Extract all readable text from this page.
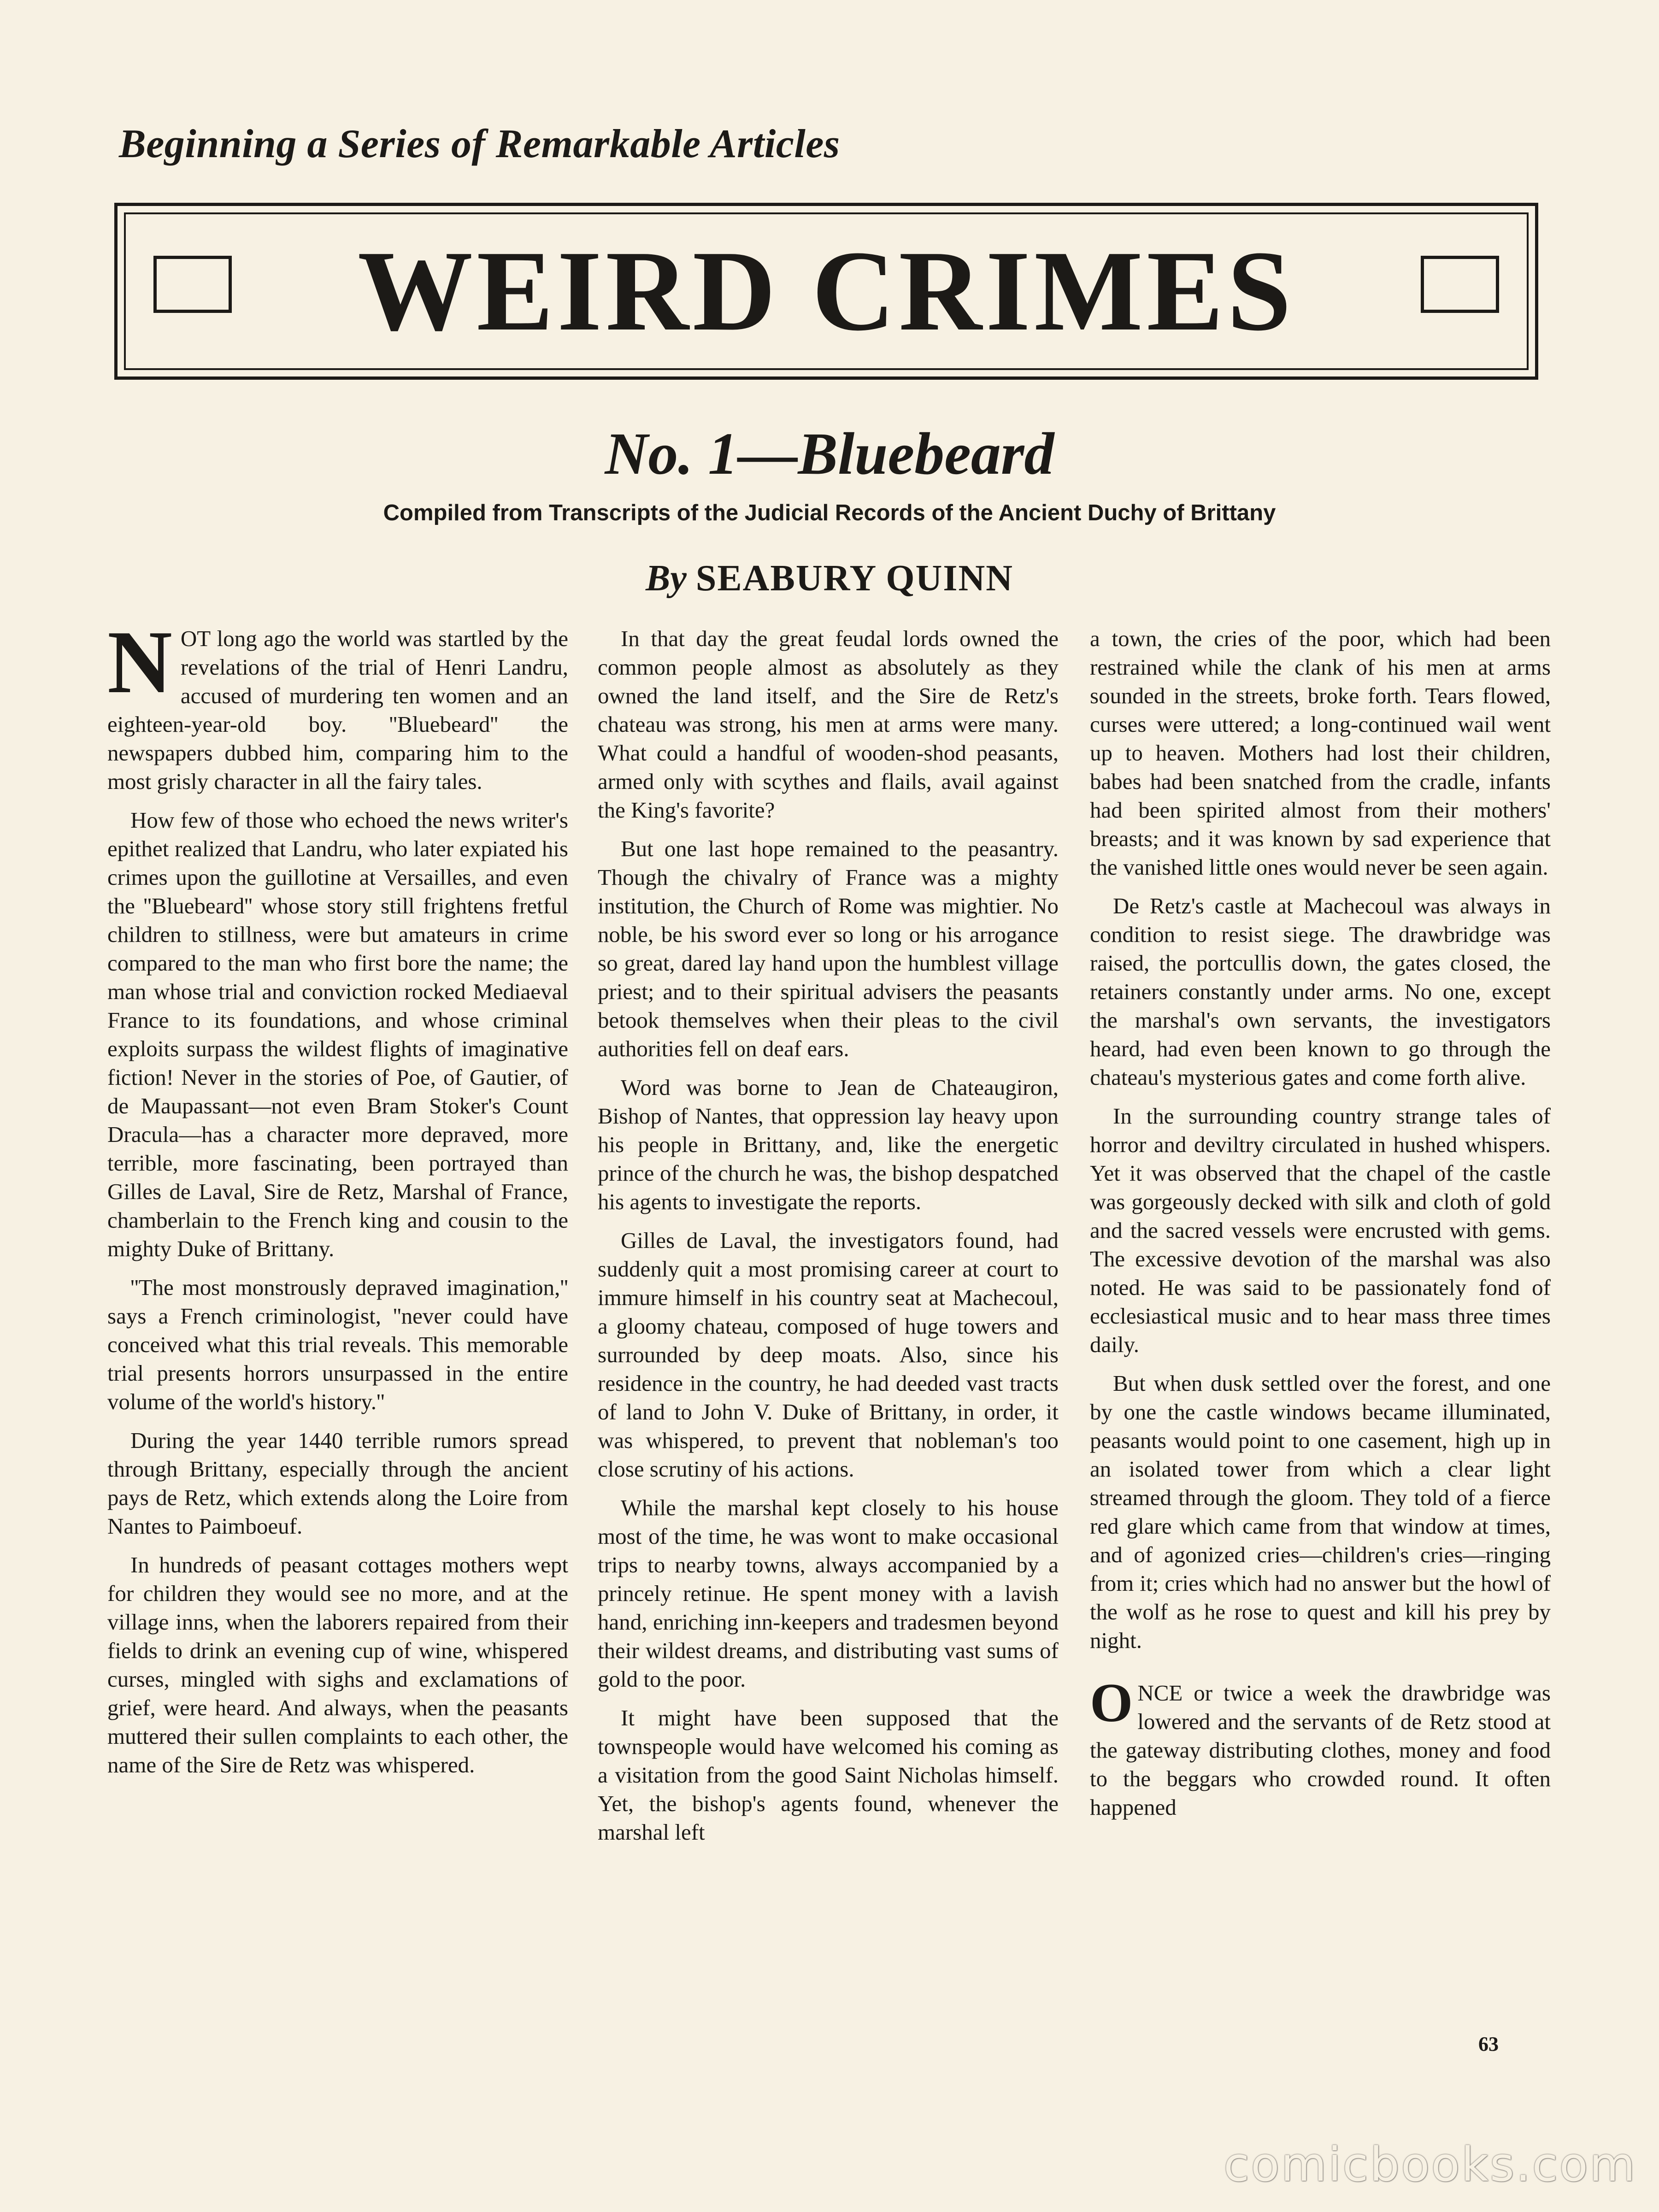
Beginning a Series of Remarkable Articles
WEIRD CRIMES
No. 1—Bluebeard
Compiled from Transcripts of the Judicial Records of the Ancient Duchy of Brittany
By SEABURY QUINN

NOT long ago the world was startled by the revelations of the trial of Henri Landru, accused of murdering ten women and an eighteen-year-old boy. ''Bluebeard'' the newspapers dubbed him, comparing him to the most grisly character in all the fairy tales.

How few of those who echoed the news writer's epithet realized that Landru, who later expiated his crimes upon the guillotine at Versailles, and even the ''Bluebeard'' whose story still frightens fretful children to stillness, were but amateurs in crime compared to the man who first bore the name; the man whose trial and conviction rocked Mediaeval France to its foundations, and whose criminal exploits surpass the wildest flights of imaginative fiction! Never in the stories of Poe, of Gautier, of de Maupassant—not even Bram Stoker's Count Dracula—has a character more depraved, more terrible, more fascinating, been portrayed than Gilles de Laval, Sire de Retz, Marshal of France, chamberlain to the French king and cousin to the mighty Duke of Brittany.

''The most monstrously depraved imagination,'' says a French criminologist, ''never could have conceived what this trial reveals. This memorable trial presents horrors unsurpassed in the entire volume of the world's history.''

During the year 1440 terrible rumors spread through Brittany, especially through the ancient pays de Retz, which extends along the Loire from Nantes to Paimboeuf.

In hundreds of peasant cottages mothers wept for children they would see no more, and at the village inns, when the laborers repaired from their fields to drink an evening cup of wine, whispered curses, mingled with sighs and exclamations of grief, were heard. And always, when the peasants muttered their sullen complaints to each other, the name of the Sire de Retz was whispered.

In that day the great feudal lords owned the common people almost as absolutely as they owned the land itself, and the Sire de Retz's chateau was strong, his men at arms were many. What could a handful of wooden-shod peasants, armed only with scythes and flails, avail against the King's favorite?

But one last hope remained to the peasantry. Though the chivalry of France was a mighty institution, the Church of Rome was mightier. No noble, be his sword ever so long or his arrogance so great, dared lay hand upon the humblest village priest; and to their spiritual advisers the peasants betook themselves when their pleas to the civil authorities fell on deaf ears.

Word was borne to Jean de Chateaugiron, Bishop of Nantes, that oppression lay heavy upon his people in Brittany, and, like the energetic prince of the church he was, the bishop despatched his agents to investigate the reports.

Gilles de Laval, the investigators found, had suddenly quit a most promising career at court to immure himself in his country seat at Machecoul, a gloomy chateau, composed of huge towers and surrounded by deep moats. Also, since his residence in the country, he had deeded vast tracts of land to John V. Duke of Brittany, in order, it was whispered, to prevent that nobleman's too close scrutiny of his actions.

While the marshal kept closely to his house most of the time, he was wont to make occasional trips to nearby towns, always accompanied by a princely retinue. He spent money with a lavish hand, enriching inn-keepers and tradesmen beyond their wildest dreams, and distributing vast sums of gold to the poor.

It might have been supposed that the townspeople would have welcomed his coming as a visitation from the good Saint Nicholas himself. Yet, the bishop's agents found, whenever the marshal left

a town, the cries of the poor, which had been restrained while the clank of his men at arms sounded in the streets, broke forth. Tears flowed, curses were uttered; a long-continued wail went up to heaven. Mothers had lost their children, babes had been snatched from the cradle, infants had been spirited almost from their mothers' breasts; and it was known by sad experience that the vanished little ones would never be seen again.

De Retz's castle at Machecoul was always in condition to resist siege. The drawbridge was raised, the portcullis down, the gates closed, the retainers constantly under arms. No one, except the marshal's own servants, the investigators heard, had even been known to go through the chateau's mysterious gates and come forth alive.

In the surrounding country strange tales of horror and deviltry circulated in hushed whispers. Yet it was observed that the chapel of the castle was gorgeously decked with silk and cloth of gold and the sacred vessels were encrusted with gems. The excessive devotion of the marshal was also noted. He was said to be passionately fond of ecclesiastical music and to hear mass three times daily.

But when dusk settled over the forest, and one by one the castle windows became illuminated, peasants would point to one casement, high up in an isolated tower from which a clear light streamed through the gloom. They told of a fierce red glare which came from that window at times, and of agonized cries—children's cries—ringing from it; cries which had no answer but the howl of the wolf as he rose to quest and kill his prey by night.

ONCE or twice a week the drawbridge was lowered and the servants of de Retz stood at the gateway distributing clothes, money and food to the beggars who crowded round. It often happened

63
comicbooks.com
